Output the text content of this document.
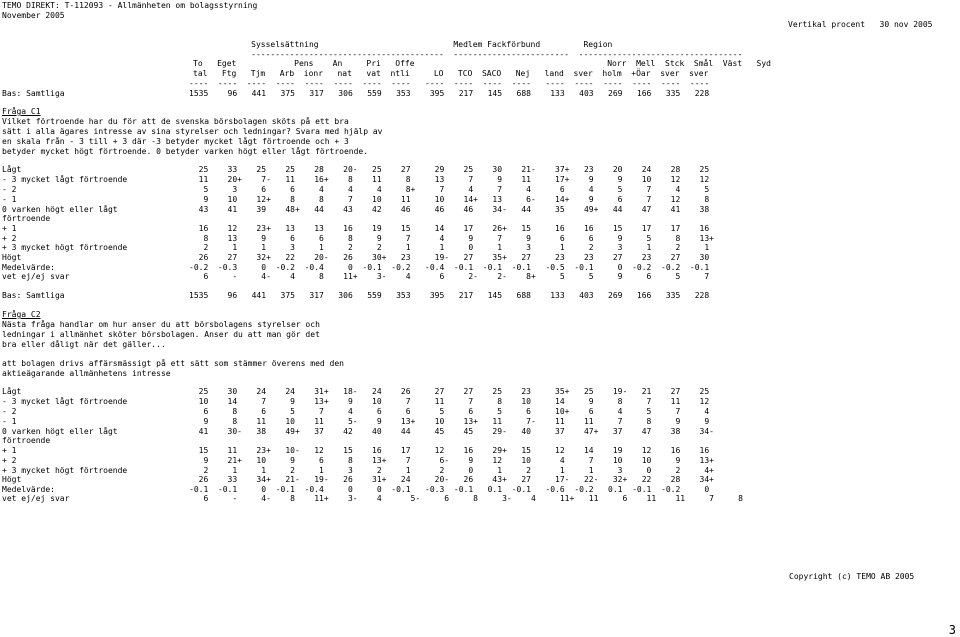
TEMO DIREKT: T-112093 - Allmänheten om bolagsstyrning
November 2005
Vertikal procent   30 nov 2005
Sysselsättning                            Medlem Fackförbund         Region
----------------------------------------  ------------------------  ----------------------------------
To   Eget            Pens    An     Pri   Offe                                        Norr  Mell  Stck  Smål  Väst   Syd
tal   Ftg   Tjm   Arb  ionr   nat   vat  ntli     LO   TCO  SACO   Nej   land  sver  holm  +Öar  sver  sver
----  ----  ----  ----  ----  ----  ----  ----   ----  ----  ----  ----   ----  ----  ----  ----  ----  ----
Bas: Samtliga	1535    96   441   375   317   306   559   353    395   217   145   688    133   403   269   166   335   228
Fråga C1
Vilket förtroende har du för att de svenska börsbolagen sköts på ett bra
sätt i alla ägares intresse av sina styrelser och ledningar? Svara med hjälp av
en skala från - 3 till + 3 där -3 betyder mycket lågt förtroende och + 3
betyder mycket högt förtroende. 0 betyder varken högt eller lågt förtroende.
Lågt	25    33    25    25    28    20-   25    27     29    25    30    21-    37+   23    20    24    28    25
- 3 mycket lågt förtroende	11    20+    7-   11    16+    8    11     8     13     7     9    11     17+    9     9    10    12    12
- 2	5     3     6     6     4     4     4     8+     7     4     7     4      6     4     5     7     4     5
- 1	9    10    12+    8     8     7    10    11     10    14+   13     6-    14+    9     6     7    12     8
0 varken högt eller lågt	43    41    39    48+   44    43    42    46     46    46    34-   44     35    49+   44    47    41    38
förtroende
+ 1	16    12    23+   13    13    16    19    15     14    17    26+   15     16    16    15    17    17    16
+ 2	8    13     9     6     6     8     9     7      4     9     7     9      6     6     9     5     8    13+
+ 3 mycket högt förtroende	2     1     1     3     1     2     2     1      1     0     1     3      1     2     3     1     2     1
Högt	26    27    32+   22    20-   26    30+   23     19-   27    35+   27     23    23    27    23    27    30
Medelvärde:	-0.2  -0.3     0  -0.2  -0.4     0  -0.1  -0.2   -0.4  -0.1  -0.1  -0.1   -0.5  -0.1     0  -0.2  -0.2  -0.1
vet ej/ej svar	6     -     4-    4     8    11+    3-    4      6     2-    2-    8+     5     5     9     6     5     7
Bas: Samtliga	1535    96   441   375   317   306   559   353    395   217   145   688    133   403   269   166   335   228
Fråga C2
Nästa fråga handlar om hur anser du att börsbolagens styrelser och
ledningar i allmänhet sköter börsbolagen. Anser du att man gör det
bra eller dåligt när det gäller...
att bolagen drivs affärsmässigt på ett sätt som stämmer överens med den
aktieägarande allmänhetens intresse
Lågt	25    30    24    24    31+   18-   24    26     27    27    25    23     35+   25    19-   21    27    25
- 3 mycket lågt förtroende	10    14     7     9    13+    9    10     7     11     7     8    10     14     9     8     7    11    12
- 2	6     8     6     5     7     4     6     6      5     6     5     6     10+    6     4     5     7     4
- 1	9     8    11    10    11     5-    9    13+    10    13+   11     7-    11    11     7     8     9     9
0 varken högt eller lågt	41    30-   38    49+   37    42    40    44     45    45    29-   40     37    47+   37    47    38    34-
förtroende
+ 1	15    11    23+   10-   12    15    16    17     12    16    29+   15     12    14    19    12    16    16
+ 2	9    21+   10     9     6     8    13+    7      6-    9    12    10      4     7    10    10     9    13+
+ 3 mycket högt förtroende	2     1     1     2     1     3     2     1      2     0     1     2      1     1     3     0     2     4+
Högt	26    33    34+   21-   19-   26    31+   24     20-   26    43+   27     17-   22-   32+   22    28    34+
Medelvärde:	-0.1  -0.1     0  -0.1  -0.4     0     0  -0.1   -0.3  -0.1   0.1  -0.1   -0.6  -0.2   0.1  -0.1  -0.2     0
vet ej/ej svar	6     -     4-    8    11+    3-    4      5-     6     8     3-    4     11+   11     6    11    11     7     8
Copyright (c) TEMO AB 2005
3
